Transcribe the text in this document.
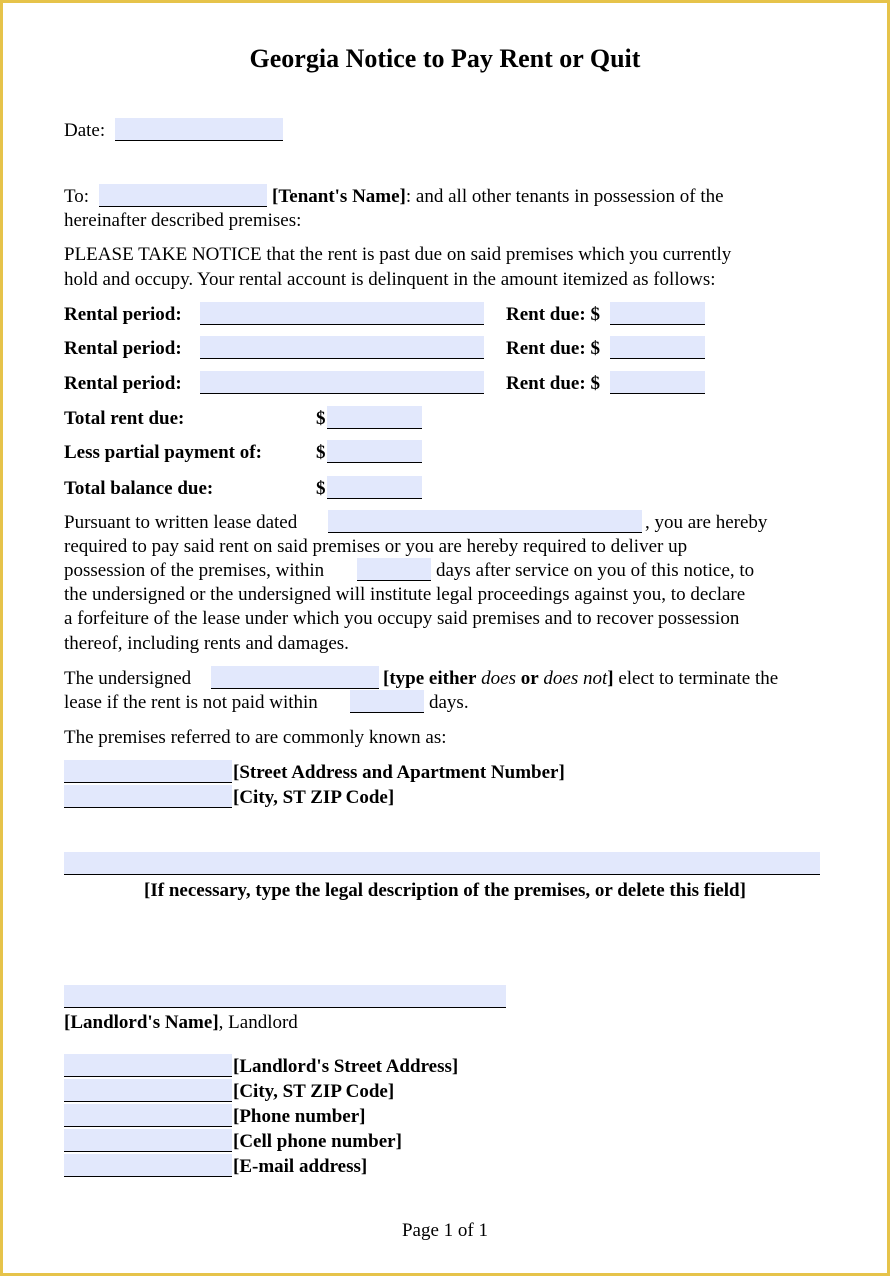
Georgia Notice to Pay Rent or Quit
Date:
To:	[Tenant's Name]: and all other tenants in possession of the
hereinafter described premises:
PLEASE TAKE NOTICE that the rent is past due on said premises which you currently
hold and occupy. Your rental account is delinquent in the amount itemized as follows:
Rental period:	Rent due: $
Rental period:	Rent due: $
Rental period:	Rent due: $
Total rent due:	$
Less partial payment of:	$
Total balance due:	$
Pursuant to written lease dated	, you are hereby
required to pay said rent on said premises or you are hereby required to deliver up
possession of the premises, within	days after service on you of this notice, to
the undersigned or the undersigned will institute legal proceedings against you, to declare
a forfeiture of the lease under which you occupy said premises and to recover possession
thereof, including rents and damages.
The undersigned	[type either does or does not] elect to terminate the
lease if the rent is not paid within	days.
The premises referred to are commonly known as:
[Street Address and Apartment Number]
[City, ST ZIP Code]
[If necessary, type the legal description of the premises, or delete this field]
[Landlord's Name], Landlord
[Landlord's Street Address]
[City, ST ZIP Code]
[Phone number]
[Cell phone number]
[E-mail address]
Page 1 of 1
